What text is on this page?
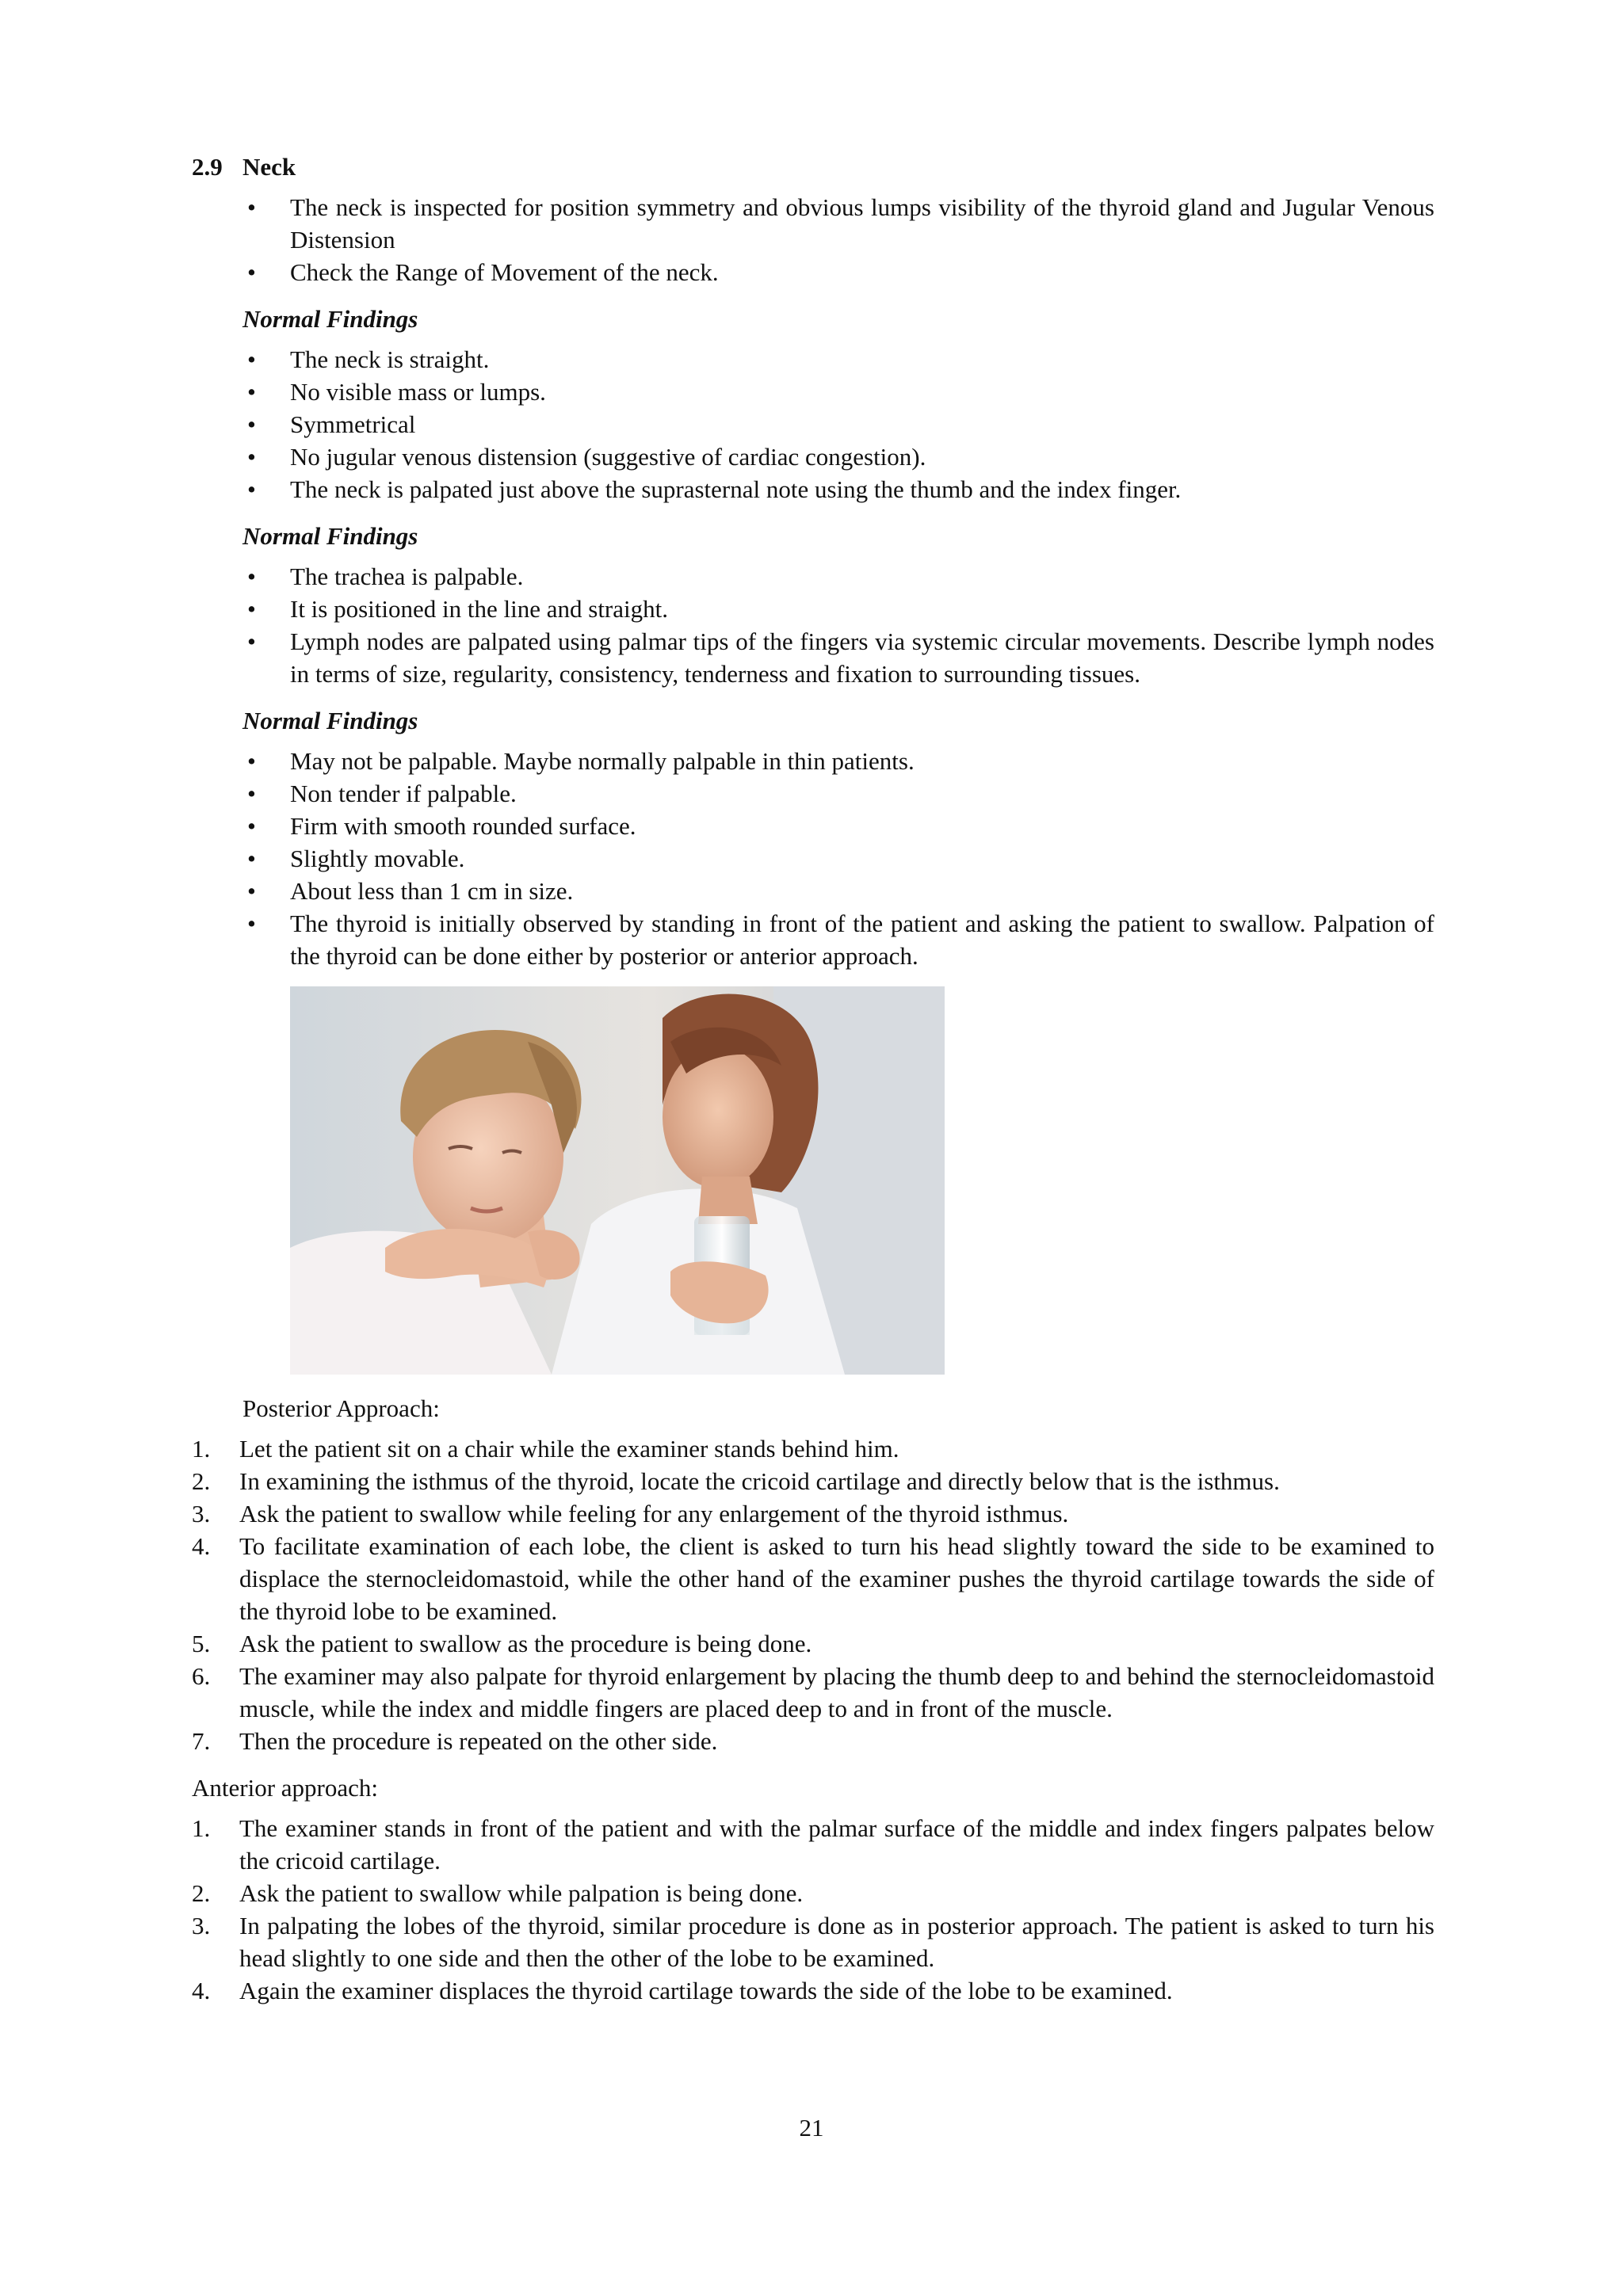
2.9 Neck
• The neck is inspected for position symmetry and obvious lumps visibility of the thyroid gland and Jugular Venous Distension
• Check the Range of Movement of the neck.
Normal Findings
• The neck is straight.
• No visible mass or lumps.
• Symmetrical
• No jugular venous distension (suggestive of cardiac congestion).
• The neck is palpated just above the suprasternal note using the thumb and the index finger.
Normal Findings
• The trachea is palpable.
• It is positioned in the line and straight.
• Lymph nodes are palpated using palmar tips of the fingers via systemic circular movements. Describe lymph nodes in terms of size, regularity, consistency, tenderness and fixation to surrounding tissues.
Normal Findings
• May not be palpable. Maybe normally palpable in thin patients.
• Non tender if palpable.
• Firm with smooth rounded surface.
• Slightly movable.
• About less than 1 cm in size.
• The thyroid is initially observed by standing in front of the patient and asking the patient to swallow. Palpation of the thyroid can be done either by posterior or anterior approach.
Posterior Approach:
1.	Let the patient sit on a chair while the examiner stands behind him.
2.	In examining the isthmus of the thyroid, locate the cricoid cartilage and directly below that is the isthmus.
3.	Ask the patient to swallow while feeling for any enlargement of the thyroid isthmus.
4.	To facilitate examination of each lobe, the client is asked to turn his head slightly toward the side to be examined to displace the sternocleidomastoid, while the other hand of the examiner pushes the thyroid cartilage towards the side of the thyroid lobe to be examined.
5.	Ask the patient to swallow as the procedure is being done.
6.	The examiner may also palpate for thyroid enlargement by placing the thumb deep to and behind the sternocleidomastoid muscle, while the index and middle fingers are placed deep to and in front of the muscle.
7.	Then the procedure is repeated on the other side.
Anterior approach:
1.	The examiner stands in front of the patient and with the palmar surface of the middle and index fingers palpates below the cricoid cartilage.
2.	Ask the patient to swallow while palpation is being done.
3.	In palpating the lobes of the thyroid, similar procedure is done as in posterior approach. The patient is asked to turn his head slightly to one side and then the other of the lobe to be examined.
4.	Again the examiner displaces the thyroid cartilage towards the side of the lobe to be examined.
21
